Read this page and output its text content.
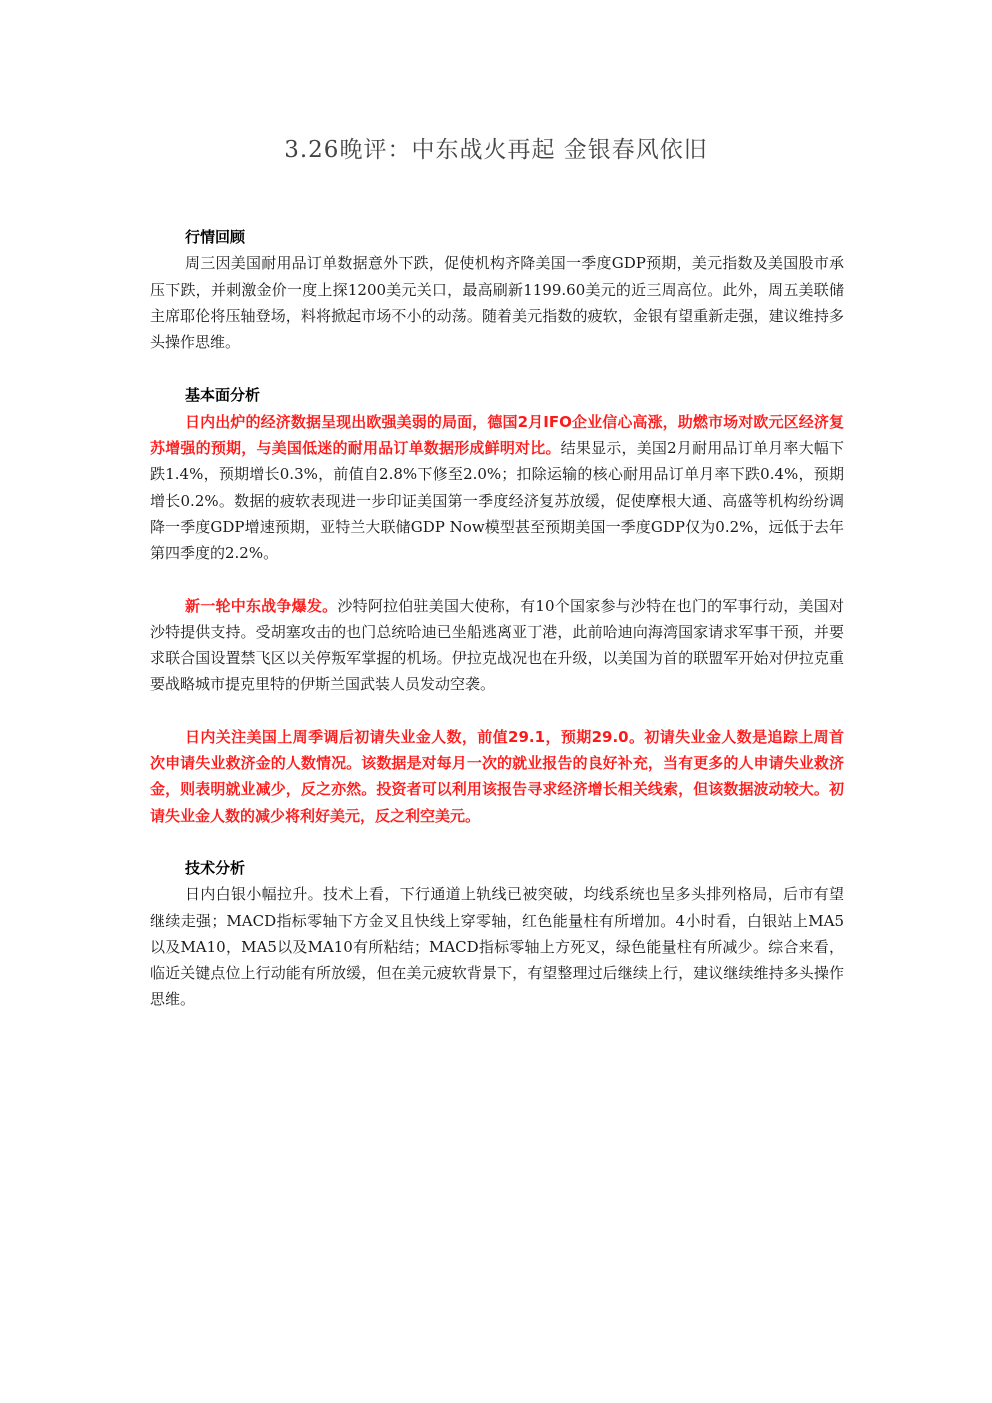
3.26晚评：中东战火再起 金银春风依旧

行情回顾

周三因美国耐用品订单数据意外下跌，促使机构齐降美国一季度GDP预期，美元指数及美国股市承压下跌，并刺激金价一度上探1200美元关口，最高刷新1199.60美元的近三周高位。此外，周五美联储主席耶伦将压轴登场，料将掀起市场不小的动荡。随着美元指数的疲软，金银有望重新走强，建议维持多头操作思维。

基本面分析

日内出炉的经济数据呈现出欧强美弱的局面，德国2月IFO企业信心高涨，助燃市场对欧元区经济复苏增强的预期，与美国低迷的耐用品订单数据形成鲜明对比。结果显示，美国2月耐用品订单月率大幅下跌1.4%，预期增长0.3%，前值自2.8%下修至2.0%；扣除运输的核心耐用品订单月率下跌0.4%，预期增长0.2%。数据的疲软表现进一步印证美国第一季度经济复苏放缓，促使摩根大通、高盛等机构纷纷调降一季度GDP增速预期，亚特兰大联储GDP Now模型甚至预期美国一季度GDP仅为0.2%，远低于去年第四季度的2.2%。

新一轮中东战争爆发。沙特阿拉伯驻美国大使称，有10个国家参与沙特在也门的军事行动，美国对沙特提供支持。受胡塞攻击的也门总统哈迪已坐船逃离亚丁港，此前哈迪向海湾国家请求军事干预，并要求联合国设置禁飞区以关停叛军掌握的机场。伊拉克战况也在升级，以美国为首的联盟军开始对伊拉克重要战略城市提克里特的伊斯兰国武装人员发动空袭。

日内关注美国上周季调后初请失业金人数，前值29.1，预期29.0。初请失业金人数是追踪上周首次申请失业救济金的人数情况。该数据是对每月一次的就业报告的良好补充，当有更多的人申请失业救济金，则表明就业减少，反之亦然。投资者可以利用该报告寻求经济增长相关线索，但该数据波动较大。初请失业金人数的减少将利好美元，反之利空美元。

技术分析

日内白银小幅拉升。技术上看，下行通道上轨线已被突破，均线系统也呈多头排列格局，后市有望继续走强；MACD指标零轴下方金叉且快线上穿零轴，红色能量柱有所增加。4小时看，白银站上MA5以及MA10，MA5以及MA10有所粘结；MACD指标零轴上方死叉，绿色能量柱有所减少。综合来看，临近关键点位上行动能有所放缓，但在美元疲软背景下，有望整理过后继续上行，建议继续维持多头操作思维。
